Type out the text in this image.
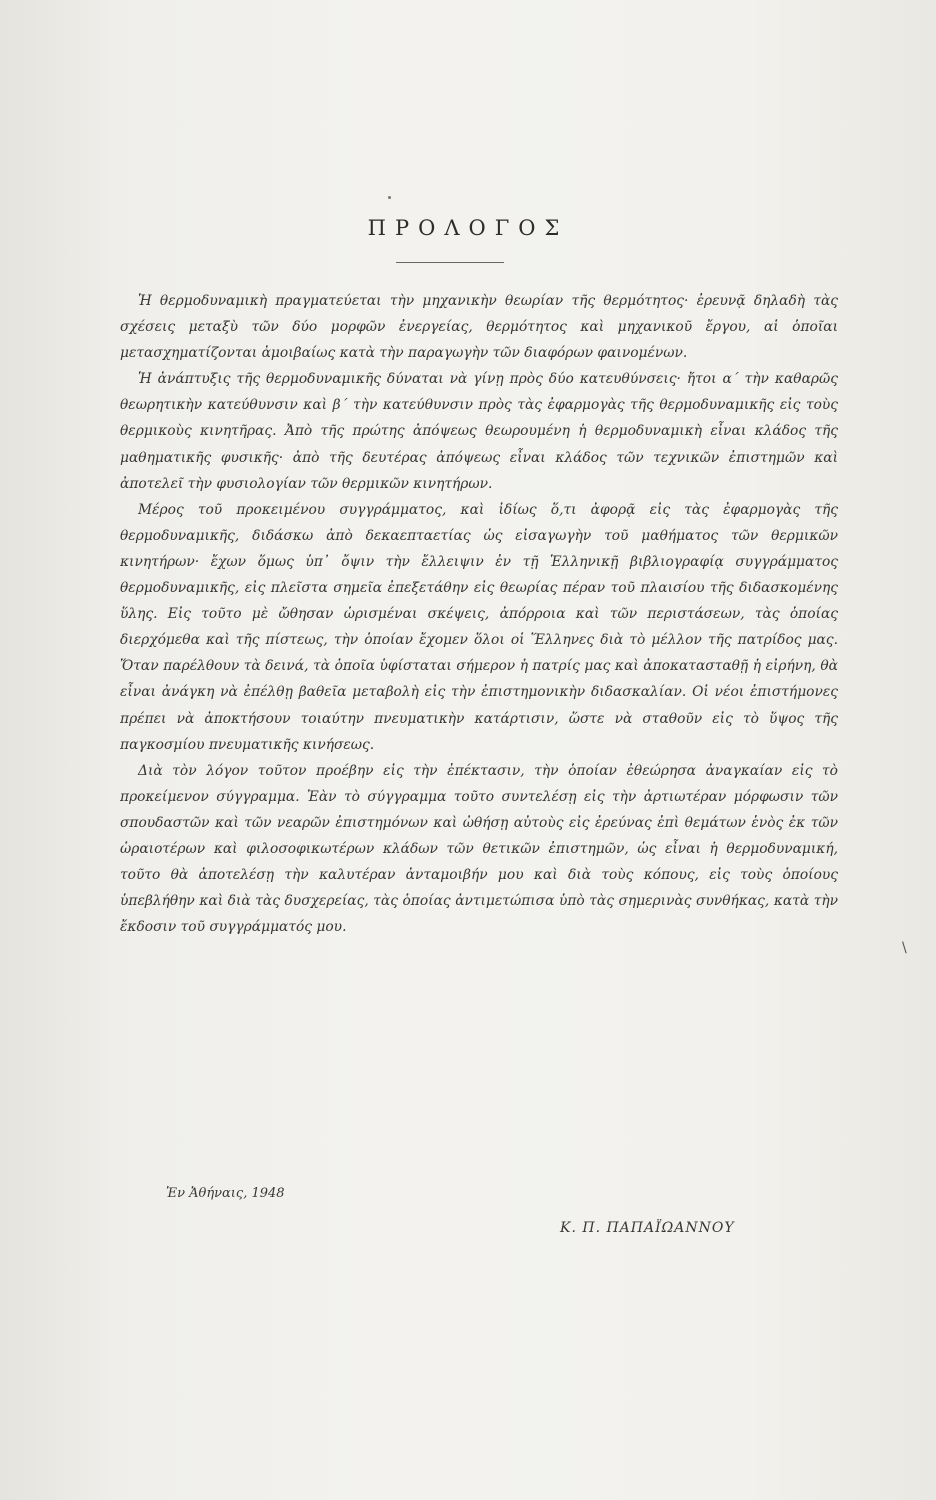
ΠΡΟΛΟΓΟΣ

Ἡ θερμοδυναμικὴ πραγματεύεται τὴν μηχανικὴν θεωρίαν τῆς θερμότητος· ἐρευνᾷ δηλαδὴ τὰς σχέσεις μεταξὺ τῶν δύο μορφῶν ἐνεργείας, θερμότητος καὶ μηχανικοῦ ἔργου, αἱ ὁποῖαι μετασχηματίζονται ἀμοιβαίως κατὰ τὴν παραγωγὴν τῶν διαφόρων φαινομένων.

Ἡ ἀνάπτυξις τῆς θερμοδυναμικῆς δύναται νὰ γίνῃ πρὸς δύο κατευθύνσεις· ἤτοι α΄ τὴν καθαρῶς θεωρητικὴν κατεύθυνσιν καὶ β΄ τὴν κατεύθυνσιν πρὸς τὰς ἐφαρμογὰς τῆς θερμοδυναμικῆς εἰς τοὺς θερμικοὺς κινητῆρας. Ἀπὸ τῆς πρώτης ἀπόψεως θεωρουμένη ἡ θερμοδυναμικὴ εἶναι κλάδος τῆς μαθηματικῆς φυσικῆς· ἀπὸ τῆς δευτέρας ἀπόψεως εἶναι κλάδος τῶν τεχνικῶν ἐπιστημῶν καὶ ἀποτελεῖ τὴν φυσιολογίαν τῶν θερμικῶν κινητήρων.

Μέρος τοῦ προκειμένου συγγράμματος, καὶ ἰδίως ὅ,τι ἀφορᾷ εἰς τὰς ἐφαρμογὰς τῆς θερμοδυναμικῆς, διδάσκω ἀπὸ δεκαεπταετίας ὡς εἰσαγωγὴν τοῦ μαθήματος τῶν θερμικῶν κινητήρων· ἔχων ὅμως ὑπ᾽ ὄψιν τὴν ἔλλειψιν ἐν τῇ Ἑλληνικῇ βιβλιογραφίᾳ συγγράμματος θερμοδυναμικῆς, εἰς πλεῖστα σημεῖα ἐπεξετάθην εἰς θεωρίας πέραν τοῦ πλαισίου τῆς διδασκομένης ὕλης. Εἰς τοῦτο μὲ ὤθησαν ὡρισμέναι σκέψεις, ἀπόρροια καὶ τῶν περιστάσεων, τὰς ὁποίας διερχόμεθα καὶ τῆς πίστεως, τὴν ὁποίαν ἔχομεν ὅλοι οἱ Ἕλληνες διὰ τὸ μέλλον τῆς πατρίδος μας. Ὅταν παρέλθουν τὰ δεινά, τὰ ὁποῖα ὑφίσταται σήμερον ἡ πατρίς μας καὶ ἀποκατασταθῇ ἡ εἰρήνη, θὰ εἶναι ἀνάγκη νὰ ἐπέλθῃ βαθεῖα μεταβολὴ εἰς τὴν ἐπιστημονικὴν διδασκαλίαν. Οἱ νέοι ἐπιστήμονες πρέπει νὰ ἀποκτήσουν τοιαύτην πνευματικὴν κατάρτισιν, ὥστε νὰ σταθοῦν εἰς τὸ ὕψος τῆς παγκοσμίου πνευματικῆς κινήσεως.

Διὰ τὸν λόγον τοῦτον προέβην εἰς τὴν ἐπέκτασιν, τὴν ὁποίαν ἐθεώρησα ἀναγκαίαν εἰς τὸ προκείμενον σύγγραμμα. Ἐὰν τὸ σύγγραμμα τοῦτο συντελέσῃ εἰς τὴν ἀρτιωτέραν μόρφωσιν τῶν σπουδαστῶν καὶ τῶν νεαρῶν ἐπιστημόνων καὶ ὠθήσῃ αὐτοὺς εἰς ἐρεύνας ἐπὶ θεμάτων ἑνὸς ἐκ τῶν ὡραιοτέρων καὶ φιλοσοφικωτέρων κλάδων τῶν θετικῶν ἐπιστημῶν, ὡς εἶναι ἡ θερμοδυναμική, τοῦτο θὰ ἀποτελέσῃ τὴν καλυτέραν ἀνταμοιβήν μου καὶ διὰ τοὺς κόπους, εἰς τοὺς ὁποίους ὑπεβλήθην καὶ διὰ τὰς δυσχερείας, τὰς ὁποίας ἀντιμετώπισα ὑπὸ τὰς σημερινὰς συνθήκας, κατὰ τὴν ἔκδοσιν τοῦ συγγράμματός μου.

Ἐν Ἀθήναις, 1948

Κ. Π. ΠΑΠΑΪΩΑΝΝΟΥ

\
